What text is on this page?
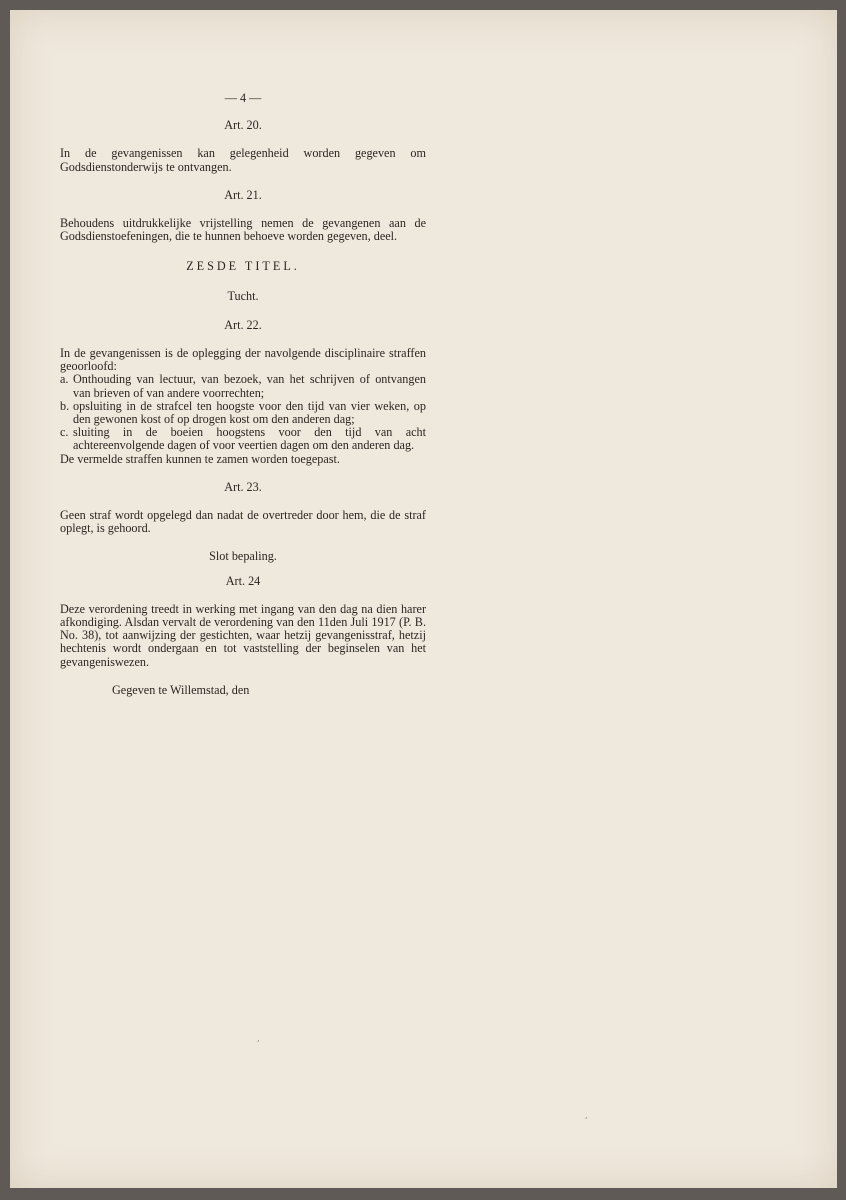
— 4 —
Art. 20.

In de gevangenissen kan gelegenheid worden gegeven om Godsdienstonderwijs te ontvangen.

Art. 21.

Behoudens uitdrukkelijke vrijstelling nemen de gevangenen aan de Godsdienstoefeningen, die te hunnen behoeve worden gegeven, deel.

ZESDE TITEL.
Tucht.
Art. 22.

In de gevangenissen is de oplegging der navolgende disciplinaire straffen geoorloofd:

a. Onthouding van lectuur, van bezoek, van het schrijven of ontvangen van brieven of van andere voorrechten;
b. opsluiting in de strafcel ten hoogste voor den tijd van vier weken, op den gewonen kost of op drogen kost om den anderen dag;
c. sluiting in de boeien hoogstens voor den tijd van acht achtereenvolgende dagen of voor veertien dagen om den anderen dag.

De vermelde straffen kunnen te zamen worden toegepast.

Art. 23.

Geen straf wordt opgelegd dan nadat de overtreder door hem, die de straf oplegt, is gehoord.

Slot bepaling.
Art. 24

Deze verordening treedt in werking met ingang van den dag na dien harer afkondiging. Alsdan vervalt de verordening van den 11den Juli 1917 (P. B. No. 38), tot aanwijzing der gestichten, waar hetzij gevangenisstraf, hetzij hechtenis wordt ondergaan en tot vaststelling der beginselen van het gevangeniswezen.

Gegeven te Willemstad, den
,
,
